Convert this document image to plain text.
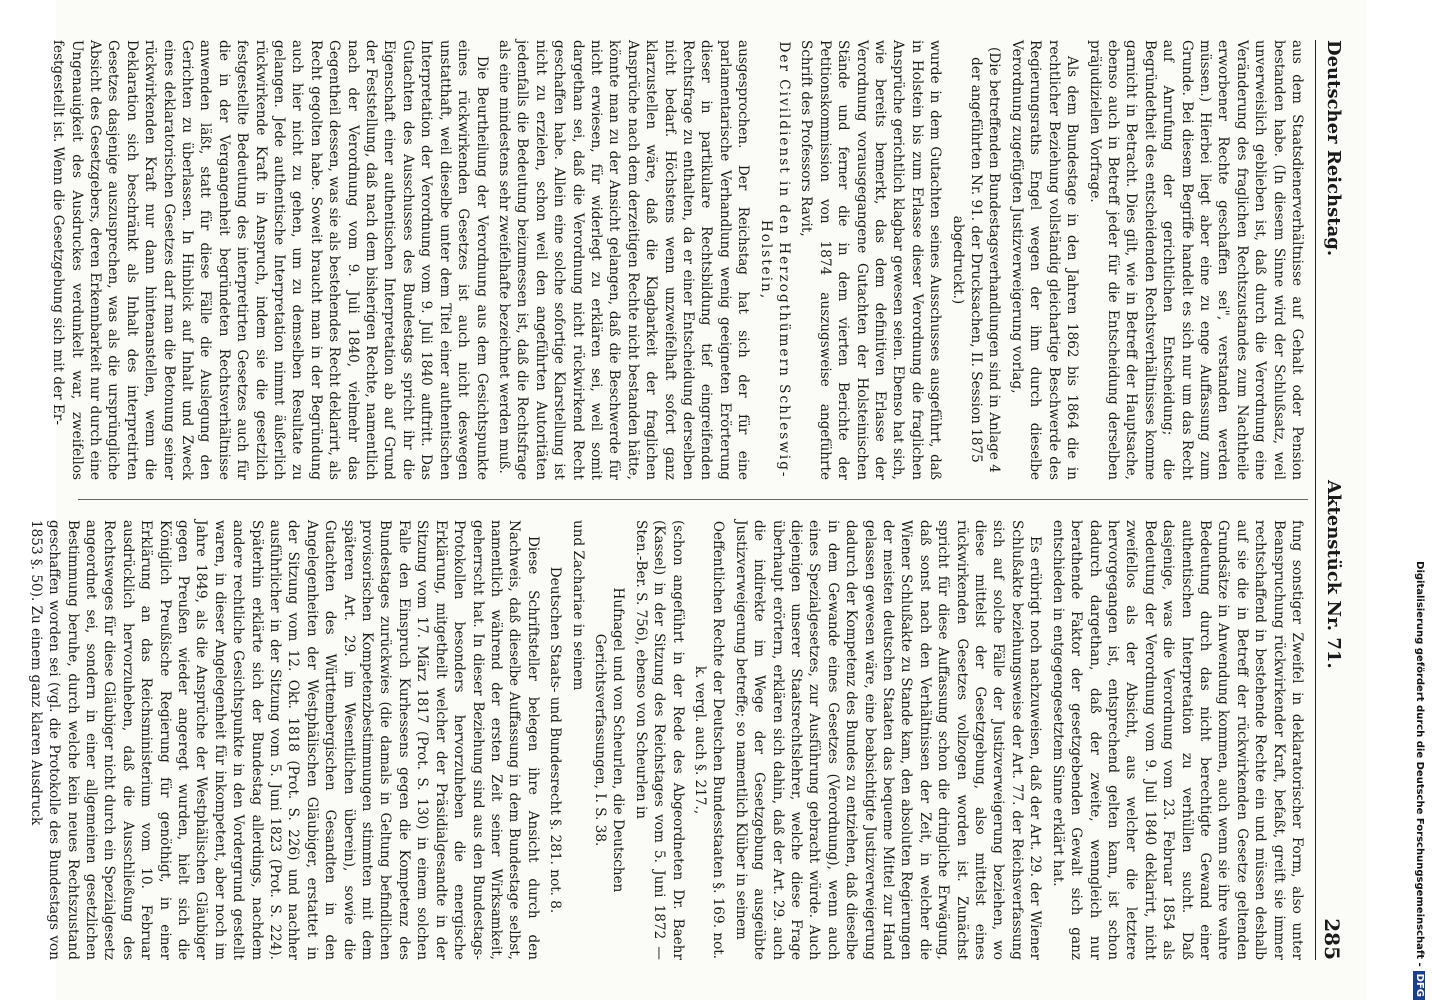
Deutscher Reichstag.
Aktenstück Nr. 71.
285

aus dem Staatsdienerverhältnisse auf Gehalt oder Pension bestanden habe. (In diesem Sinne wird der Schlußsatz, weil unverweislich geblieben ist, daß durch die Verordnung eine Veränderung des fraglichen Rechtszustandes zum Nachtheile erworbener Rechte geschaffen sei", verstanden werden müssen.) Hierbei liegt aber eine zu enge Auffassung zum Grunde. Bei diesem Begriffe handelt es sich nur um das Recht auf Anrufung der gerichtlichen Entscheidung; die Begründetheit des entscheidenden Rechtsverhältnisses komme garnicht in Betracht. Dies gilt, wie in Betreff der Hauptsache, ebenso auch in Betreff jeder für die Entscheidung derselben präjudiziellen Vorfrage.

Als dem Bundestage in den Jahren 1862 bis 1864 die in rechtlicher Beziehung vollständig gleichartige Beschwerde des Regierungsraths Engel wegen der ihm durch dieselbe Verordnung zugefügten Justizverweigerung vorlag,

(Die betreffenden Bundestagsverhandlungen sind in Anlage 4 der angeführten Nr. 91. der Drucksachen, II. Session 1875 abgedruckt.)

wurde in dem Gutachten seines Ausschusses ausgeführt, daß in Holstein bis zum Erlasse dieser Verordnung die fraglichen Ansprüche gerichtlich klagbar gewesen seien. Ebenso hat sich, wie bereits bemerkt, das dem definitiven Erlasse der Verordnung vorausgegangene Gutachten der Holsteinischen Stände und ferner die in dem vierten Berichte der Petitionskommission von 1874 auszugsweise angeführte Schrift des Professors Ravit,

Der Civildienst in den Herzogthümern Schleswig-Holstein,

ausgesprochen. Der Reichstag hat sich der für eine parlamentarische Verhandlung wenig geeigneten Erörterung dieser in partikulare Rechtsbildung tief eingreifenden Rechtsfrage zu enthalten, da er einer Entscheidung derselben nicht bedarf. Höchstens wenn unzweifelhaft sofort ganz klarzustellen wäre, daß die Klagbarkeit der fraglichen Ansprüche nach dem derzeitigen Rechte nicht bestanden hätte, könnte man zu der Ansicht gelangen, daß die Beschwerde für nicht erwiesen, für widerlegt zu erklären sei, weil somit dargethan sei, daß die Verordnung nicht rückwirkend Recht geschaffen habe. Allein eine solche sofortige Klarstellung ist nicht zu erzielen, schon weil den angeführten Autoritäten jedenfalls die Bedeutung beizumessen ist, daß die Rechtsfrage als eine mindestens sehr zweifelhafte bezeichnet werden muß.

Die Beurtheilung der Verordnung aus dem Gesichtspunkte eines rückwirkenden Gesetzes ist auch nicht deswegen unstatthaft, weil dieselbe unter dem Titel einer authentischen Interpretation der Verordnung vom 9. Juli 1840 auftritt. Das Gutachten des Ausschusses des Bundestags spricht ihr die Eigenschaft einer authentischen Interpretation ab auf Grund der Feststellung, daß nach dem bisherigen Rechte, namentlich nach der Verordnung vom 9. Juli 1840, vielmehr das Gegentheil dessen, was sie als bestehendes Recht deklarirt, als Recht gegolten habe. Soweit braucht man in der Begründung auch hier nicht zu gehen, um zu demselben Resultate zu gelangen. Jede authentische Interpretation nimmt äußerlich rückwirkende Kraft in Anspruch, indem sie die gesetzlich festgestellte Bedeutung des interpretirten Gesetzes auch für die in der Vergangenheit begründeten Rechtsverhältnisse anwenden läßt, statt für diese Fälle die Auslegung den Gerichten zu überlassen. In Hinblick auf Inhalt und Zweck eines deklaratorischen Gesetzes darf man die Betonung seiner rückwirkenden Kraft nur dann hintenanstellen, wenn die Deklaration sich beschränkt als Inhalt des interpretirten Gesetzes dasjenige auszusprechen, was als die ursprüngliche Absicht des Gesetzgebers, deren Erkennbarkeit nur durch eine Ungenauigkeit des Ausdruckes verdunkelt war, zweifellos festgestellt ist. Wenn die Gesetzgebung sich mit der Er-

fung sonstiger Zweifel in deklaratorischer Form, also unter Beanspruchung rückwirkender Kraft, befaßt, greift sie immer rechtschaffend in bestehende Rechte ein und müssen deshalb auf sie die in Betreff der rückwirkenden Gesetze geltenden Grundsätze in Anwendung kommen, auch wenn sie ihre wahre Bedeutung durch das nicht berechtigte Gewand einer authentischen Interpretation zu verhüllen sucht. Daß dasjenige, was die Verordnung vom 23. Februar 1854 als Bedeutung der Verordnung vom 9. Juli 1840 deklarirt, nicht zweifellos als der Absicht, aus welcher die letztere hervorgegangen ist, entsprechend gelten kann, ist schon dadurch dargethan, daß der zweite, wenngleich nur berathende Faktor der gesetzgebenden Gewalt sich ganz entschieden in entgegengesetztem Sinne erklärt hat.

Es erübrigt noch nachzuweisen, daß der Art. 29. der Wiener Schlußakte beziehungsweise der Art. 77. der Reichsverfassung sich auf solche Fälle der Justizverweigerung beziehen, wo diese mittelst der Gesetzgebung, also mittelst eines rückwirkenden Gesetzes vollzogen worden ist. Zunächst spricht für diese Auffassung schon die dringliche Erwägung, daß sonst nach den Verhältnissen der Zeit, in welcher die Wiener Schlußakte zu Stande kam, den absoluten Regierungen der meisten deutschen Staaten das bequeme Mittel zur Hand gelassen gewesen wäre, eine beabsichtigte Justizverweigerung dadurch der Kompetenz des Bundes zu entziehen, daß dieselbe in dem Gewande eines Gesetzes (Verordnung), wenn auch eines Spezialgesetzes, zur Ausführung gebracht würde. Auch diejenigen unserer Staatsrechtslehrer, welche diese Frage überhaupt erörtern, erklären sich dahin, daß der Art. 29. auch die indirekte im Wege der Gesetzgebung ausgeübte Justizverweigerung betreffe; so namentlich Klüber in seinem

Oeffentlichen Rechte der Deutschen Bundesstaaten §. 169. not. k. vergl. auch §. 217.,

(schon angeführt in der Rede des Abgeordneten Dr. Baehr (Kassel) in der Sitzung des Reichstages vom 5. Juni 1872 — Sten.-Ber. S. 756), ebenso von Scheurlen in

Hufnagel und von Scheurlen, die Deutschen Gerichtsverfassungen, I. S. 38.

und Zachariae in seinem

Deutschen Staats- und Bundesrecht §. 281. not. 8.

Diese Schriftsteller belegen ihre Ansicht durch den Nachweis, daß dieselbe Auffassung in dem Bundestage selbst, namentlich während der ersten Zeit seiner Wirksamkeit, geherrscht hat. In dieser Beziehung sind aus den Bundestags-Protokollen besonders hervorzuheben die energische Erklärung, mitgetheilt welcher der Präsidialgesandte in der Sitzung vom 17. März 1817 (Prot. S. 130) in einem solchen Falle den Einspruch Kurhessens gegen die Kompetenz des Bundestages zurückwies (die damals in Geltung befindlichen provisorischen Kompetenzbestimmungen stimmten mit dem späteren Art. 29. im Wesentlichen überein), sowie die Gutachten des Württembergischen Gesandten in den Angelegenheiten der Westphälischen Gläubiger, erstattet in der Sitzung vom 12. Okt. 1818 (Prot. S. 226) und nachher ausführlicher in der Sitzung vom 5. Juni 1823 (Prot. S. 224). Späterhin erklärte sich der Bundestag allerdings, nachdem andere rechtliche Gesichtspunkte in den Vordergrund gestellt waren, in dieser Angelegenheit für inkompetent, aber noch im Jahre 1849, als die Ansprüche der Westphälischen Gläubiger gegen Preußen wieder angeregt wurden, hielt sich die Königlich Preußische Regierung für genöthigt, in einer Erklärung an das Reichsministerium vom 10. Februar ausdrücklich hervorzuheben, daß die Ausschließung des Rechtsweges für diese Gläubiger nicht durch ein Spezialgesetz angeordnet sei, sondern in einer allgemeinen gesetzlichen Bestimmung beruhe, durch welche kein neues Rechtszustand geschaffen worden sei (vgl. die Protokolle des Bundestags von 1853 §. 50). Zu einem ganz klaren Ausdruck	Digitalisierung gefördert durch die Deutsche Forschungsgemeinschaft -DFG
